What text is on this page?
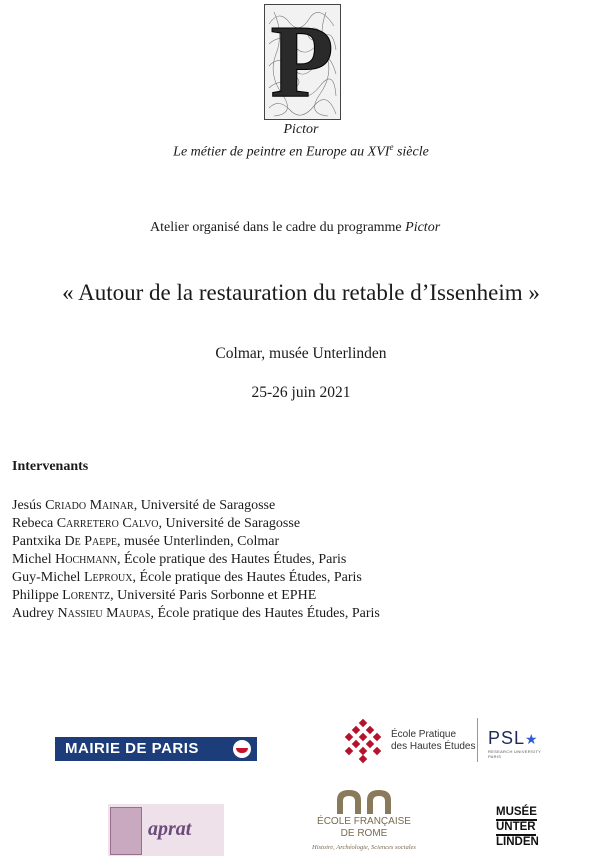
P
Pictor
Le métier de peintre en Europe au XVIe siècle
Atelier organisé dans le cadre du programme Pictor
« Autour de la restauration du retable d’Issenheim »
Colmar, musée Unterlinden
25-26 juin 2021
Intervenants
Jesús Criado Mainar, Université de Saragosse
Rebeca Carretero Calvo, Université de Saragosse
Pantxika De Paepe, musée Unterlinden, Colmar
Michel Hochmann, École pratique des Hautes Études, Paris
Guy-Michel Leproux, École pratique des Hautes Études, Paris
Philippe Lorentz, Université Paris Sorbonne et EPHE
Audrey Nassieu Maupas, École pratique des Hautes Études, Paris
MAIRIE DE PARIS
École Pratique
des Hautes Études PSL★
RESEARCH UNIVERSITY PARIS
aprat	ÉCOLE FRANÇAISE
DE ROME
Histoire, Archéologie, Sciences sociales
MUSÉE
UNTER
LINDEN
